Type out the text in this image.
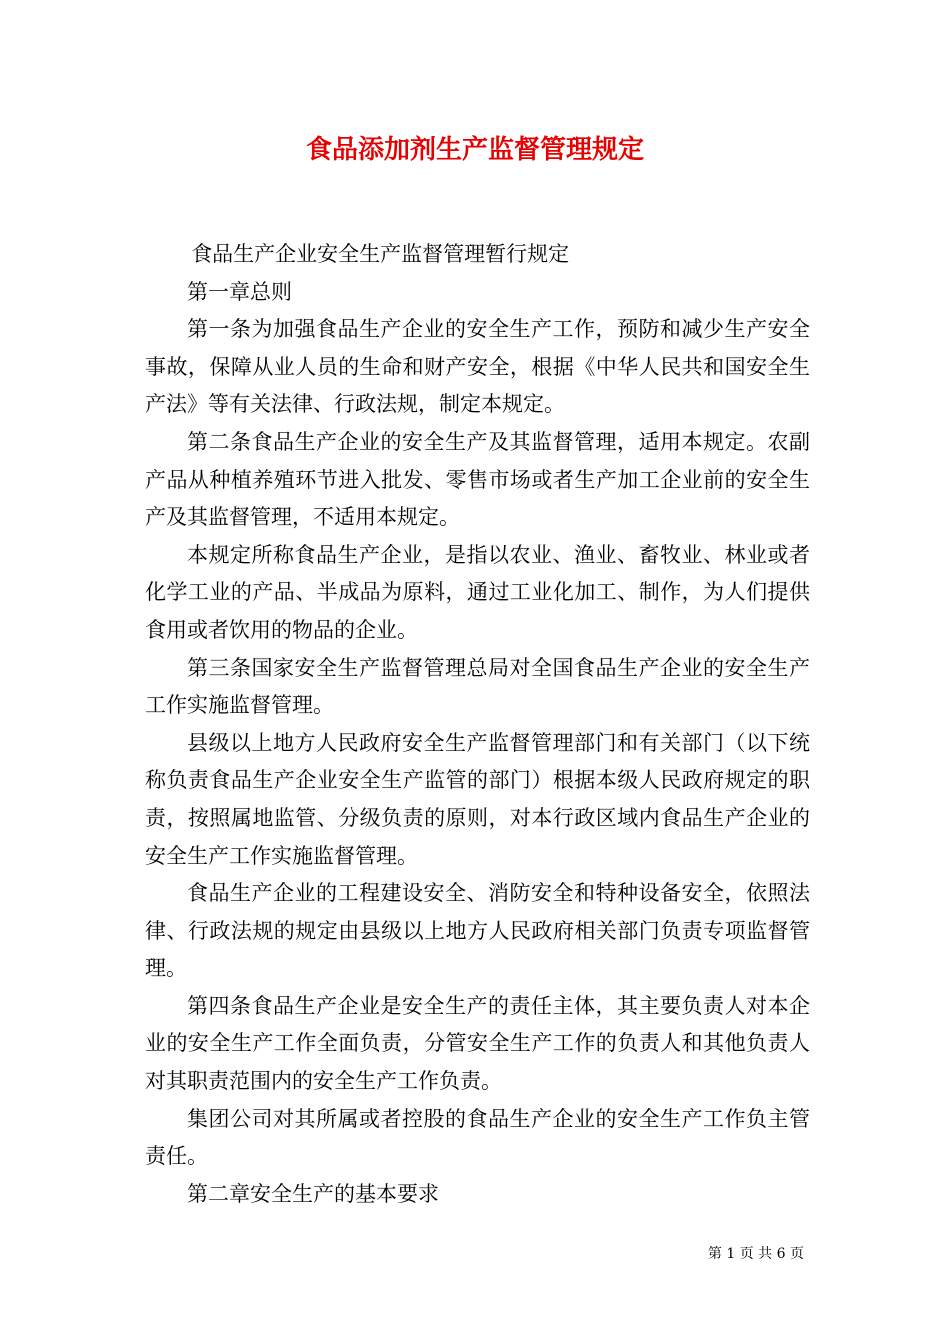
食品添加剂生产监督管理规定

食品生产企业安全生产监督管理暂行规定

第一章总则

第一条为加强食品生产企业的安全生产工作，预防和减少生产安全事故，保障从业人员的生命和财产安全，根据《中华人民共和国安全生产法》等有关法律、行政法规，制定本规定。

第二条食品生产企业的安全生产及其监督管理，适用本规定。农副产品从种植养殖环节进入批发、零售市场或者生产加工企业前的安全生产及其监督管理，不适用本规定。

本规定所称食品生产企业，是指以农业、渔业、畜牧业、林业或者化学工业的产品、半成品为原料，通过工业化加工、制作，为人们提供食用或者饮用的物品的企业。

第三条国家安全生产监督管理总局对全国食品生产企业的安全生产工作实施监督管理。

县级以上地方人民政府安全生产监督管理部门和有关部门（以下统称负责食品生产企业安全生产监管的部门）根据本级人民政府规定的职责，按照属地监管、分级负责的原则，对本行政区域内食品生产企业的安全生产工作实施监督管理。

食品生产企业的工程建设安全、消防安全和特种设备安全，依照法律、行政法规的规定由县级以上地方人民政府相关部门负责专项监督管理。

第四条食品生产企业是安全生产的责任主体，其主要负责人对本企业的安全生产工作全面负责，分管安全生产工作的负责人和其他负责人对其职责范围内的安全生产工作负责。

集团公司对其所属或者控股的食品生产企业的安全生产工作负主管责任。

第二章安全生产的基本要求

第 1 页 共 6 页
